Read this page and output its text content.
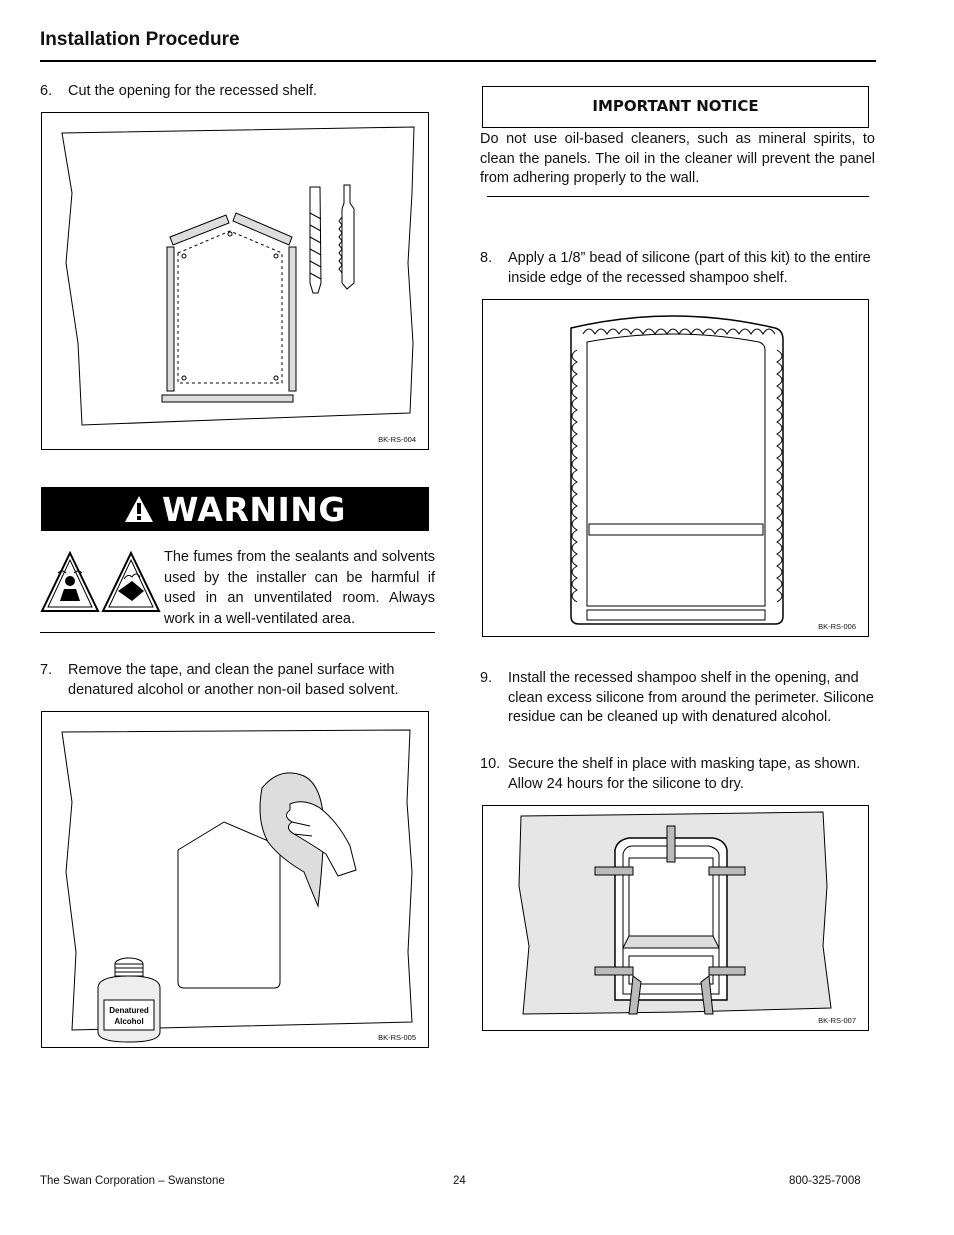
Installation Procedure
6.	Cut the opening for the recessed shelf.
BK-RS-004
WARNING
The fumes from the sealants and solvents used by the installer can be harmful if used in an unventilated room. Always work in a well-ventilated area.
7.	Remove the tape, and clean the panel surface with denatured alcohol or another non-oil based solvent.
Denatured
Alcohol
BK-RS-005
IMPORTANT NOTICE
Do not use oil-based cleaners, such as mineral spirits, to clean the panels. The oil in the cleaner will prevent the panel from adhering properly to the wall.
8.	Apply a 1/8” bead of silicone (part of this kit) to the entire inside edge of the recessed shampoo shelf.
BK-RS-006
9.	Install the recessed shampoo shelf in the opening, and clean excess silicone from around the perimeter. Silicone residue can be cleaned up with denatured alcohol.
10. Secure the shelf in place with masking tape, as shown. Allow 24 hours for the silicone to dry.
BK-RS-007
The Swan Corporation – Swanstone	24	800-325-7008
